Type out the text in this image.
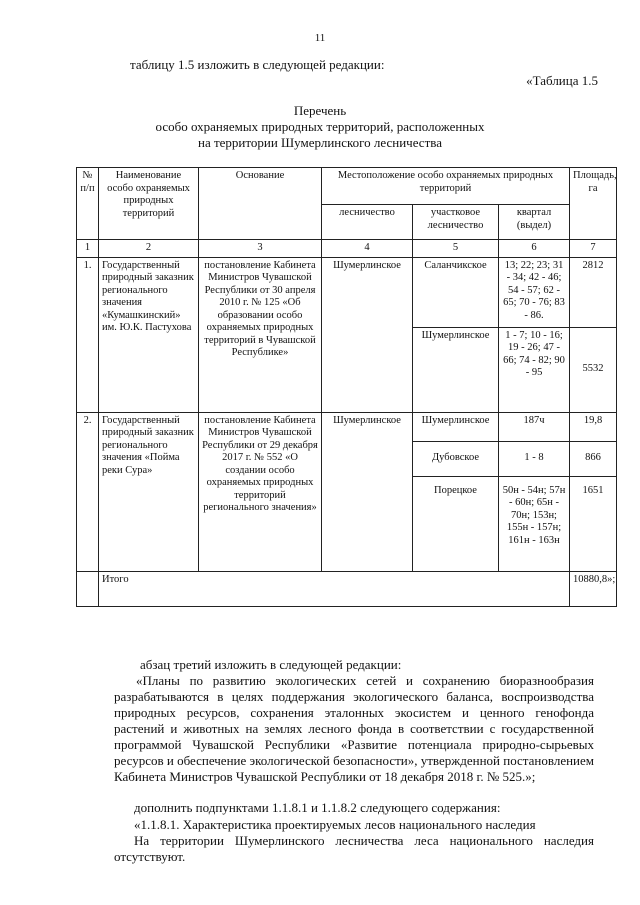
11
таблицу 1.5 изложить в следующей редакции:
«Таблица 1.5
Перечень
особо охраняемых природных территорий, расположенных
на территории Шумерлинского лесничества
№ п/п	Наименование особо охраняемых природных территорий	Основание	Местоположение особо охраняемых природных территорий			Площадь, га
			лесничество	участковое лесничество	квартал (выдел)	
1	2	3	4	5	6	7
1.	Государственный природный заказник регионального значения «Кумашкинский» им. Ю.К. Пастухова	постановление Кабинета Министров Чувашской Республики от 30 апреля 2010 г. № 125 «Об образовании особо охраняемых природных территорий в Чувашской Республике»	Шумерлинское	Саланчикское	13; 22; 23; 31 - 34; 42 - 46; 54 - 57; 62 - 65; 70 - 76; 83 - 86.	2812
				Шумерлинское	1 - 7; 10 - 16; 19 - 26; 47 - 66; 74 - 82; 90 - 95	5532
2.	Государственный природный заказник регионального значения «Пойма реки Сура»	постановление Кабинета Министров Чувашской Республики от 29 декабря 2017 г. № 552 «О создании особо охраняемых природных территорий регионального значения»	Шумерлинское	Шумерлинское	187ч	19,8
				Дубовское	1 - 8	866
				Порецкое	50н - 54н; 57н - 60н; 65н - 70н; 153н; 155н - 157н; 161н - 163н	1651
	Итого					10880,8»;
абзац третий изложить в следующей редакции:
«Планы по развитию экологических сетей и сохранению биоразнообразия разрабатываются в целях поддержания экологического баланса, воспроизводства природных ресурсов, сохранения эталонных экосистем и ценного генофонда растений и животных на землях лесного фонда в соответствии с государственной программой Чувашской Республики «Развитие потенциала природно-сырьевых ресурсов и обеспечение экологической безопасности», утвержденной постановлением Кабинета Министров Чувашской Республики от 18 декабря 2018 г. № 525.»;
дополнить подпунктами 1.1.8.1 и 1.1.8.2 следующего содержания:
«1.1.8.1. Характеристика проектируемых лесов национального наследия
На территории Шумерлинского лесничества леса национального наследия отсутствуют.
